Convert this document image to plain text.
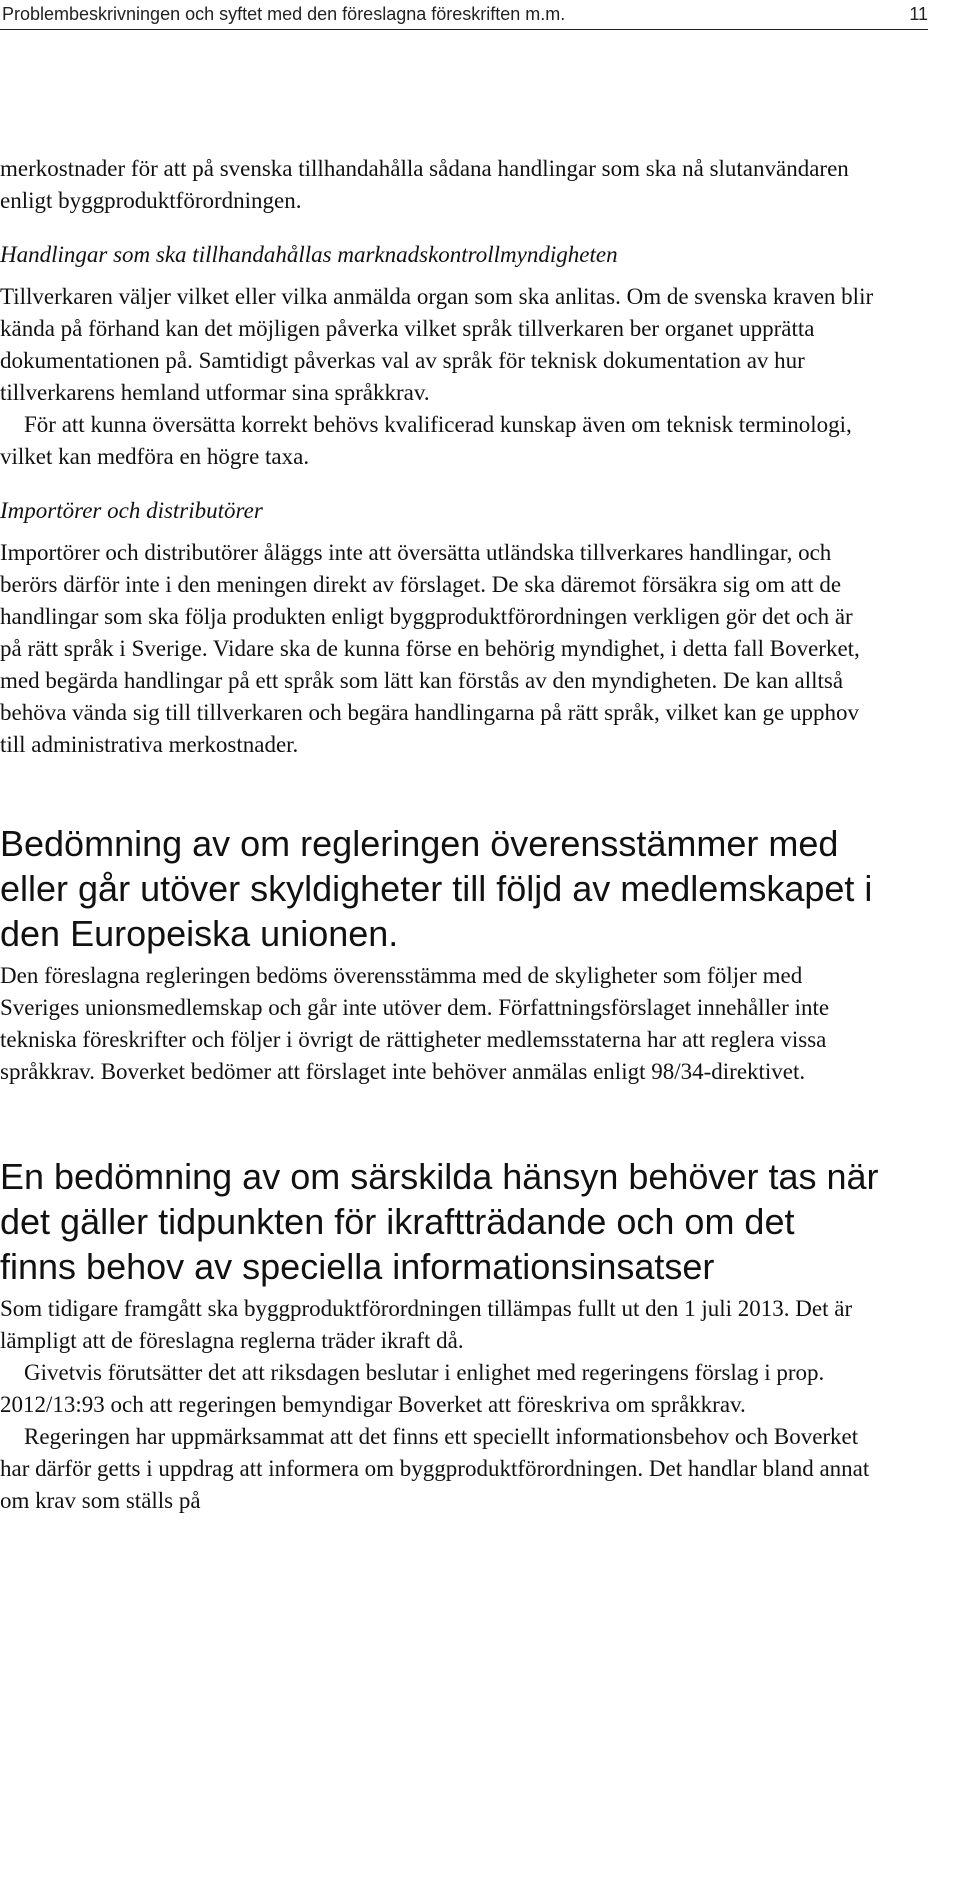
Problembeskrivningen och syftet med den föreslagna föreskriften m.m.	11

merkostnader för att på svenska tillhandahålla sådana handlingar som ska nå slutanvändaren enligt byggproduktförordningen.

Handlingar som ska tillhandahållas marknadskontrollmyndigheten

Tillverkaren väljer vilket eller vilka anmälda organ som ska anlitas. Om de svenska kraven blir kända på förhand kan det möjligen påverka vilket språk tillverkaren ber organet upprätta dokumentationen på. Samtidigt påverkas val av språk för teknisk dokumentation av hur tillverkarens hemland utformar sina språkkrav.

För att kunna översätta korrekt behövs kvalificerad kunskap även om teknisk terminologi, vilket kan medföra en högre taxa.

Importörer och distributörer

Importörer och distributörer åläggs inte att översätta utländska tillverkares handlingar, och berörs därför inte i den meningen direkt av förslaget. De ska däremot försäkra sig om att de handlingar som ska följa produkten enligt byggproduktförordningen verkligen gör det och är på rätt språk i Sverige. Vidare ska de kunna förse en behörig myndighet, i detta fall Boverket, med begärda handlingar på ett språk som lätt kan förstås av den myndigheten. De kan alltså behöva vända sig till tillverkaren och begära handlingarna på rätt språk, vilket kan ge upphov till administrativa merkostnader.

Bedömning av om regleringen överensstämmer med eller går utöver skyldigheter till följd av medlemskapet i den Europeiska unionen.

Den föreslagna regleringen bedöms överensstämma med de skyligheter som följer med Sveriges unionsmedlemskap och går inte utöver dem. Författningsförslaget innehåller inte tekniska föreskrifter och följer i övrigt de rättigheter medlemsstaterna har att reglera vissa språkkrav. Boverket bedömer att förslaget inte behöver anmälas enligt 98/34-direktivet.

En bedömning av om särskilda hänsyn behöver tas när det gäller tidpunkten för ikraftträdande och om det finns behov av speciella informationsinsatser

Som tidigare framgått ska byggproduktförordningen tillämpas fullt ut den 1 juli 2013. Det är lämpligt att de föreslagna reglerna träder ikraft då.

Givetvis förutsätter det att riksdagen beslutar i enlighet med regeringens förslag i prop. 2012/13:93 och att regeringen bemyndigar Boverket att föreskriva om språkkrav.

Regeringen har uppmärksammat att det finns ett speciellt informationsbehov och Boverket har därför getts i uppdrag att informera om byggproduktförordningen. Det handlar bland annat om krav som ställs på
